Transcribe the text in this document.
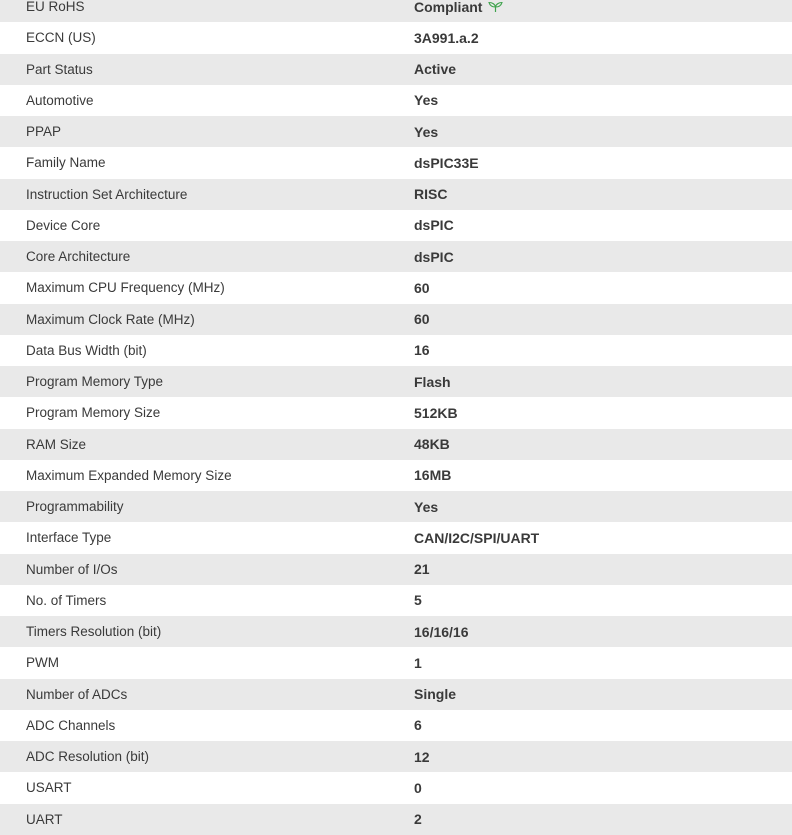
EU RoHS	Compliant
ECCN (US)	3A991.a.2
Part Status	Active
Automotive	Yes
PPAP	Yes
Family Name	dsPIC33E
Instruction Set Architecture	RISC
Device Core	dsPIC
Core Architecture	dsPIC
Maximum CPU Frequency (MHz)	60
Maximum Clock Rate (MHz)	60
Data Bus Width (bit)	16
Program Memory Type	Flash
Program Memory Size	512KB
RAM Size	48KB
Maximum Expanded Memory Size	16MB
Programmability	Yes
Interface Type	CAN/I2C/SPI/UART
Number of I/Os	21
No. of Timers	5
Timers Resolution (bit)	16/16/16
PWM	1
Number of ADCs	Single
ADC Channels	6
ADC Resolution (bit)	12
USART	0
UART	2
